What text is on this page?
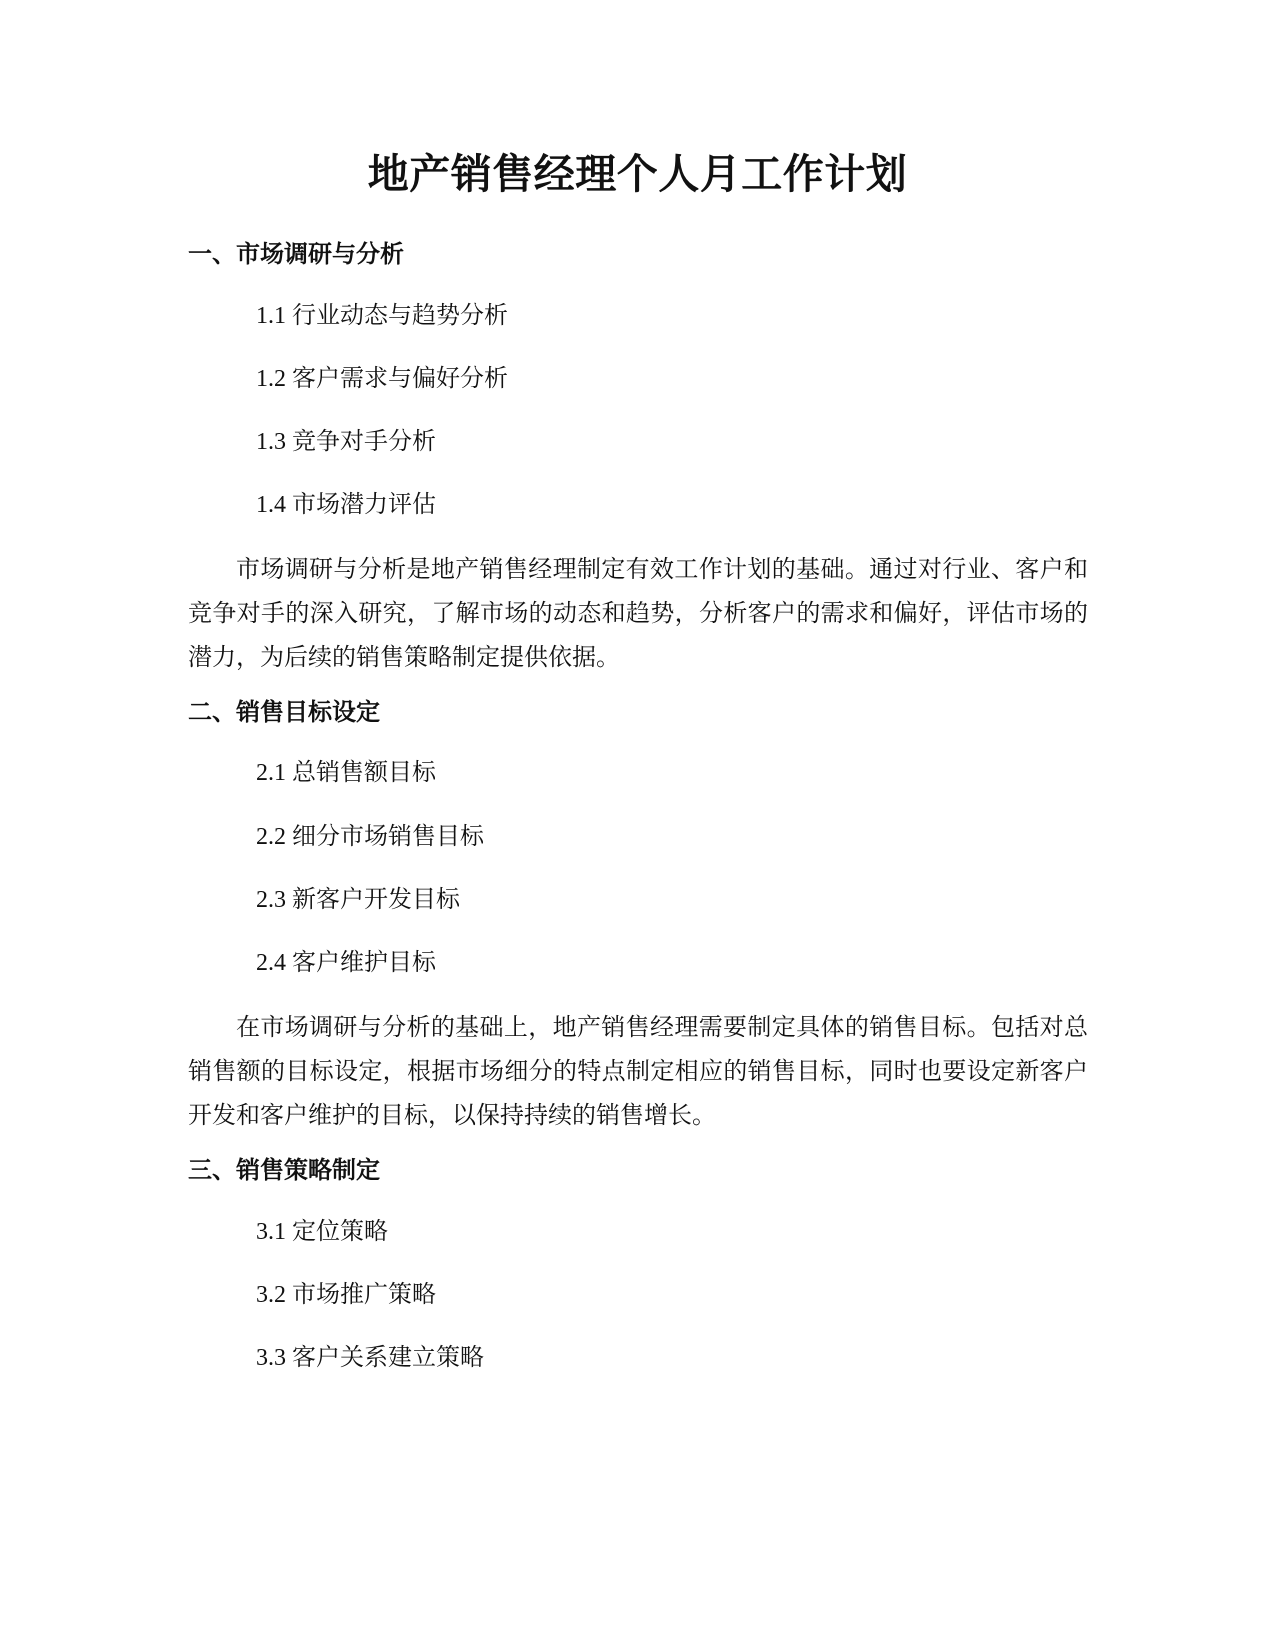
地产销售经理个人月工作计划
一、市场调研与分析

1.1 行业动态与趋势分析

1.2 客户需求与偏好分析

1.3 竞争对手分析

1.4 市场潜力评估

市场调研与分析是地产销售经理制定有效工作计划的基础。通过对行业、客户和竞争对手的深入研究，了解市场的动态和趋势，分析客户的需求和偏好，评估市场的潜力，为后续的销售策略制定提供依据。

二、销售目标设定

2.1 总销售额目标

2.2 细分市场销售目标

2.3 新客户开发目标

2.4 客户维护目标

在市场调研与分析的基础上，地产销售经理需要制定具体的销售目标。包括对总销售额的目标设定，根据市场细分的特点制定相应的销售目标，同时也要设定新客户开发和客户维护的目标，以保持持续的销售增长。

三、销售策略制定

3.1 定位策略

3.2 市场推广策略

3.3 客户关系建立策略
